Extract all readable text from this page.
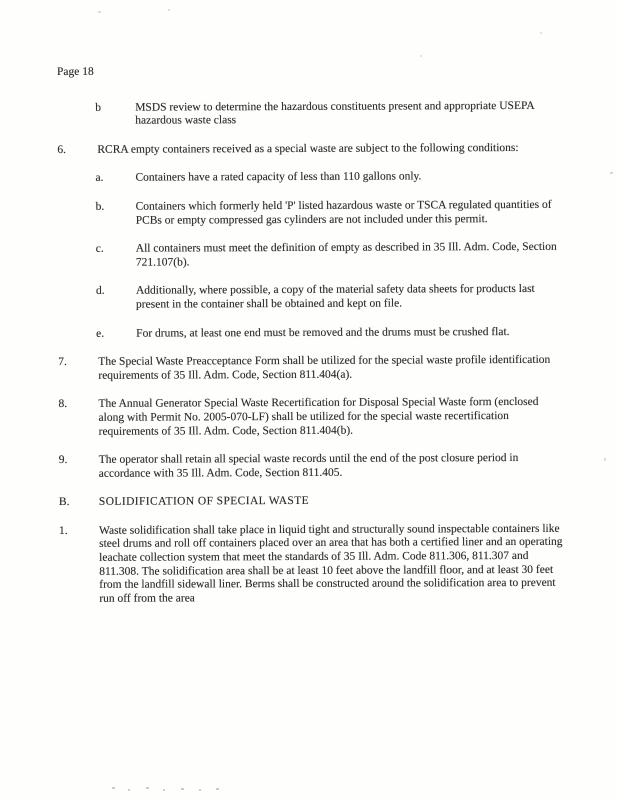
Page 18
b	MSDS review to determine the hazardous constituents present and appropriate USEPA hazardous waste class
6.	RCRA empty containers received as a special waste are subject to the following conditions:
a.	Containers have a rated capacity of less than 110 gallons only.
b.	Containers which formerly held 'P' listed hazardous waste or TSCA regulated quantities of PCBs or empty compressed gas cylinders are not included under this permit.
c.	All containers must meet the definition of empty as described in 35 Ill. Adm. Code, Section 721.107(b).
d.	Additionally, where possible, a copy of the material safety data sheets for products last present in the container shall be obtained and kept on file.
e.	For drums, at least one end must be removed and the drums must be crushed flat.
7.	The Special Waste Preacceptance Form shall be utilized for the special waste profile identification requirements of 35 Ill. Adm. Code, Section 811.404(a).
8.	The Annual Generator Special Waste Recertification for Disposal Special Waste form (enclosed along with Permit No. 2005-070-LF) shall be utilized for the special waste recertification requirements of 35 Ill. Adm. Code, Section 811.404(b).
9.	The operator shall retain all special waste records until the end of the post closure period in accordance with 35 Ill. Adm. Code, Section 811.405.
B.	SOLIDIFICATION OF SPECIAL WASTE
1.	Waste solidification shall take place in liquid tight and structurally sound inspectable containers like steel drums and roll off containers placed over an area that has both a certified liner and an operating leachate collection system that meet the standards of 35 Ill. Adm. Code 811.306, 811.307 and 811.308. The solidification area shall be at least 10 feet above the landfill floor, and at least 30 feet from the landfill sidewall liner. Berms shall be constructed around the solidification area to prevent run off from the area
